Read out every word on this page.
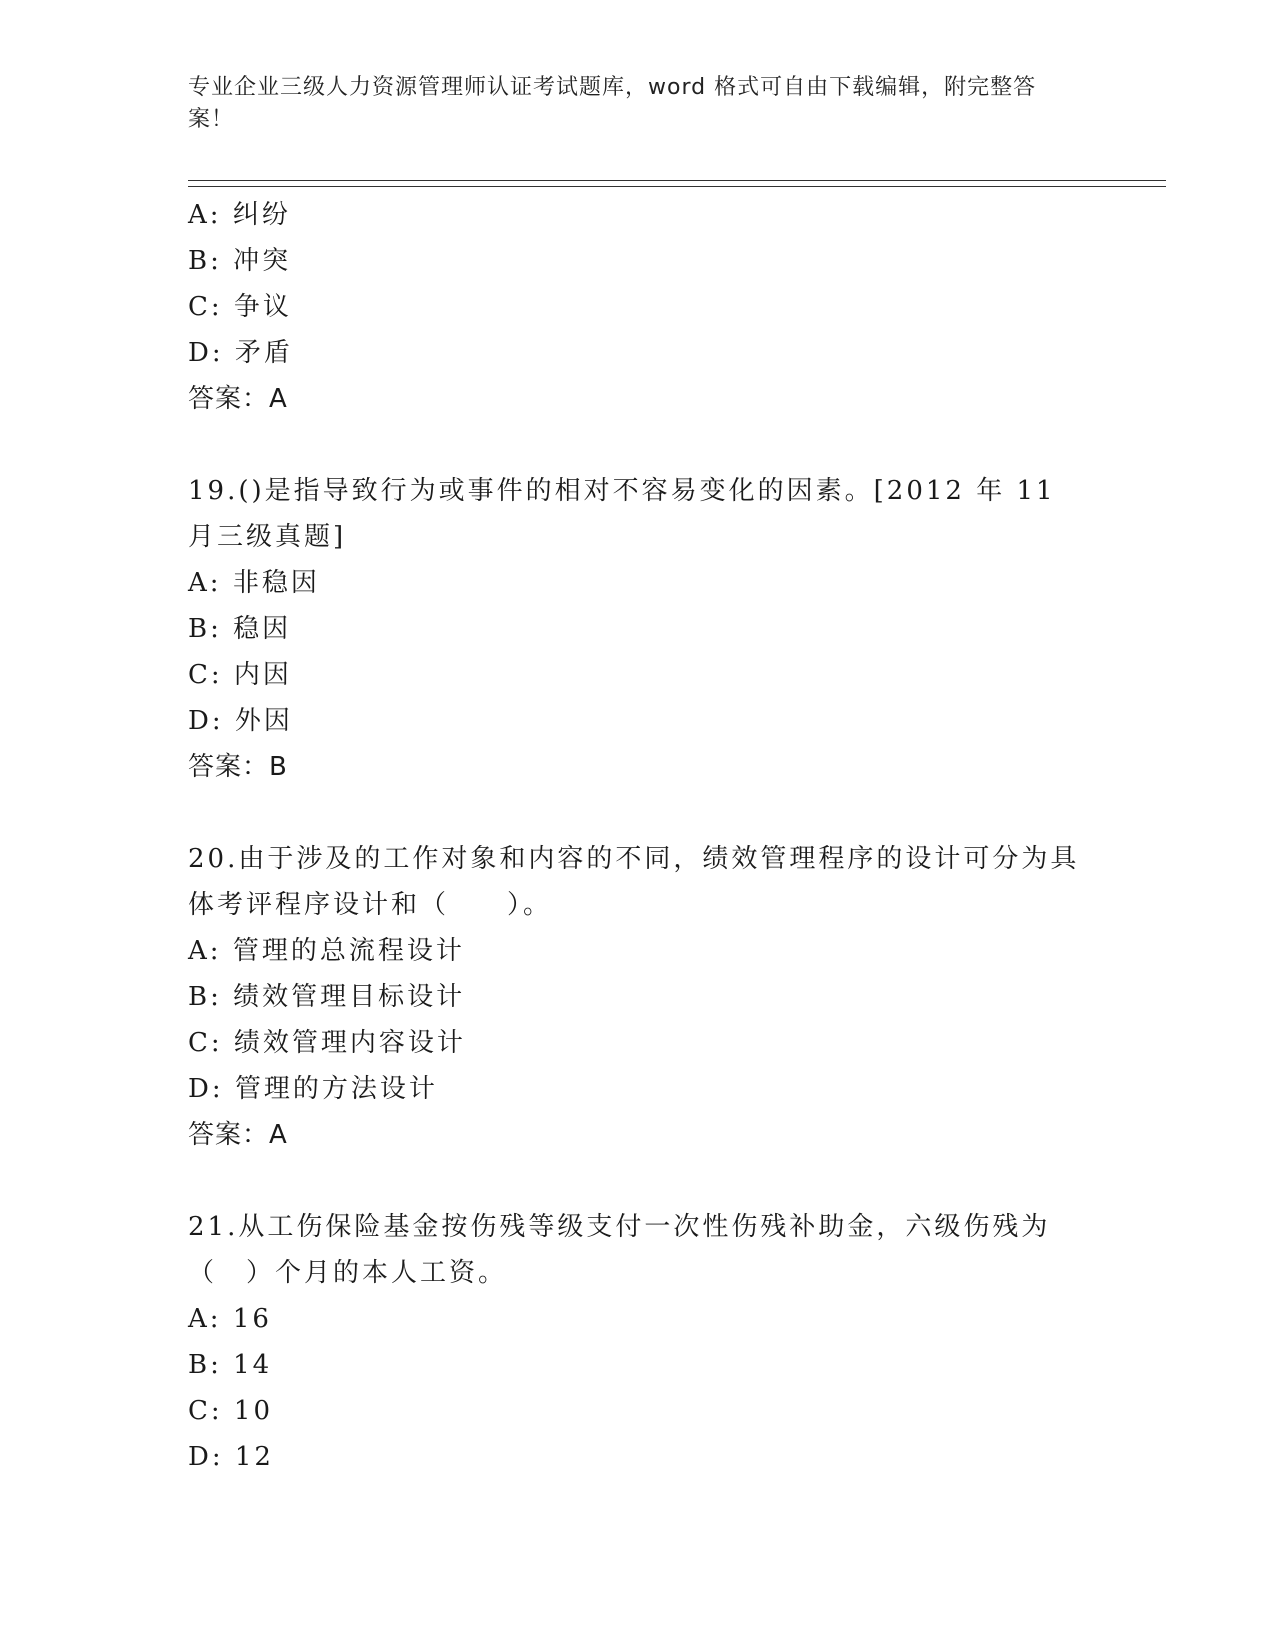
专业企业三级人力资源管理师认证考试题库，word 格式可自由下载编辑，附完整答案！
A: 纠纷
B: 冲突
C: 争议
D: 矛盾
答案：A
19.()是指导致行为或事件的相对不容易变化的因素。[2012 年 11 月三级真题]
A: 非稳因
B: 稳因
C: 内因
D: 外因
答案：B
20.由于涉及的工作对象和内容的不同，绩效管理程序的设计可分为具体考评程序设计和（　　）。
A: 管理的总流程设计
B: 绩效管理目标设计
C: 绩效管理内容设计
D: 管理的方法设计
答案：A
21.从工伤保险基金按伤残等级支付一次性伤残补助金，六级伤残为（　）个月的本人工资。
A: 16
B: 14
C: 10
D: 12
